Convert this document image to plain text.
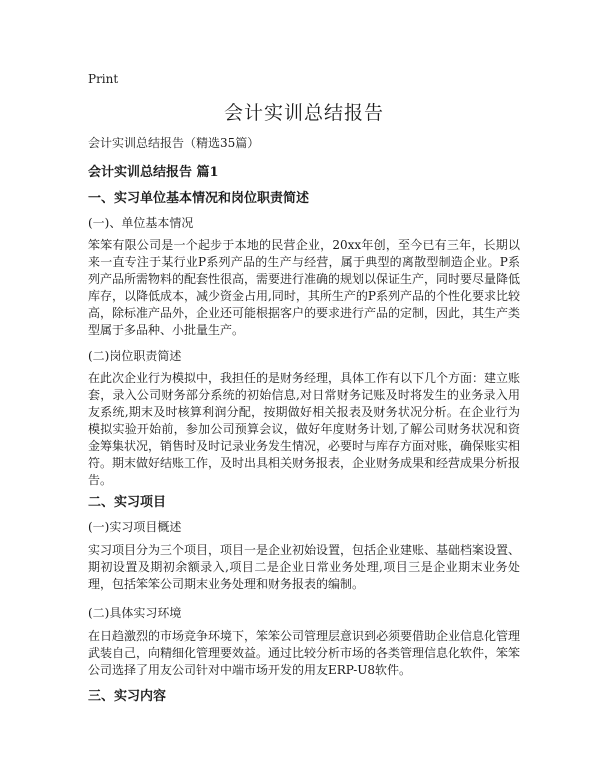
Print
会计实训总结报告

会计实训总结报告（精选35篇）

会计实训总结报告 篇1

一、实习单位基本情况和岗位职责简述

(一)、单位基本情况

笨笨有限公司是一个起步于本地的民营企业，20xx年创，至今已有三年，长期以来一直专注于某行业P系列产品的生产与经营，属于典型的离散型制造企业。P系列产品所需物料的配套性很高，需要进行准确的规划以保证生产，同时要尽量降低库存，以降低成本，减少资金占用,同时，其所生产的P系列产品的个性化要求比较高，除标准产品外，企业还可能根据客户的要求进行产品的定制，因此，其生产类型属于多品种、小批量生产。

(二)岗位职责简述

在此次企业行为模拟中，我担任的是财务经理，具体工作有以下几个方面：建立账套，录入公司财务部分系统的初始信息,对日常财务记账及时将发生的业务录入用友系统,期末及时核算利润分配，按期做好相关报表及财务状况分析。在企业行为模拟实验开始前，参加公司预算会议，做好年度财务计划,了解公司财务状况和资金筹集状况，销售时及时记录业务发生情况，必要时与库存方面对账，确保账实相符。期末做好结账工作，及时出具相关财务报表，企业财务成果和经营成果分析报告。

二、实习项目

(一)实习项目概述

实习项目分为三个项目，项目一是企业初始设置，包括企业建账、基础档案设置、期初设置及期初余额录入,项目二是企业日常业务处理,项目三是企业期末业务处理，包括笨笨公司期末业务处理和财务报表的编制。

(二)具体实习环境

在日趋激烈的市场竞争环境下，笨笨公司管理层意识到必须要借助企业信息化管理武装自己，向精细化管理要效益。通过比较分析市场的各类管理信息化软件，笨笨公司选择了用友公司针对中端市场开发的用友ERP-U8软件。

三、实习内容
